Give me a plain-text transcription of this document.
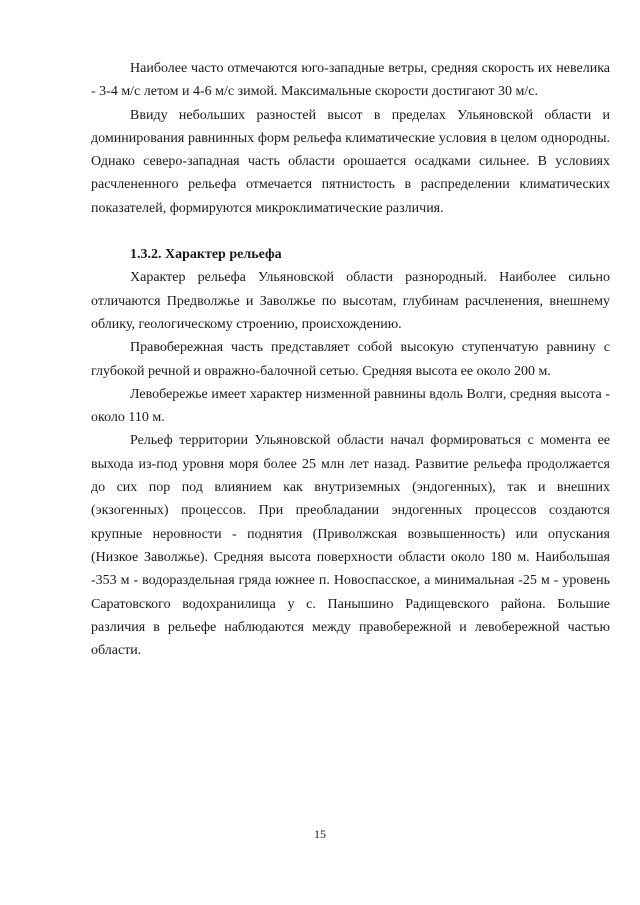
Наиболее часто отмечаются юго-западные ветры, средняя скорость их невелика - 3-4 м/с летом и 4-6 м/с зимой. Максимальные скорости достигают 30 м/с.

Ввиду небольших разностей высот в пределах Ульяновской области и доминирования равнинных форм рельефа климатические условия в целом однородны. Однако северо-западная часть области орошается осадками сильнее. В условиях расчлененного рельефа отмечается пятнистость в распределении климатических показателей, формируются микроклиматические различия.

1.3.2. Характер рельефа

Характер рельефа Ульяновской области разнородный. Наиболее сильно отличаются Предволжье и Заволжье по высотам, глубинам расчленения, внешнему облику, геологическому строению, происхождению.

Правобережная часть представляет собой высокую ступенчатую равнину с глубокой речной и овражно-балочной сетью. Средняя высота ее около 200 м.

Левобережье имеет характер низменной равнины вдоль Волги, средняя высота - около 110 м.

Рельеф территории Ульяновской области начал формироваться с момента ее выхода из-под уровня моря более 25 млн лет назад. Развитие рельефа продолжается до сих пор под влиянием как внутриземных (эндогенных), так и внешних (экзогенных) процессов. При преобладании эндогенных процессов создаются крупные неровности - поднятия (Приволжская возвышенность) или опускания (Низкое Заволжье). Средняя высота поверхности области около 180 м. Наибольшая -353 м - водораздельная гряда южнее п. Новоспасское, а минимальная -25 м - уровень Саратовского водохранилища у с. Панышино Радищевского района. Большие различия в рельефе наблюдаются между правобережной и левобережной частью области.

15
